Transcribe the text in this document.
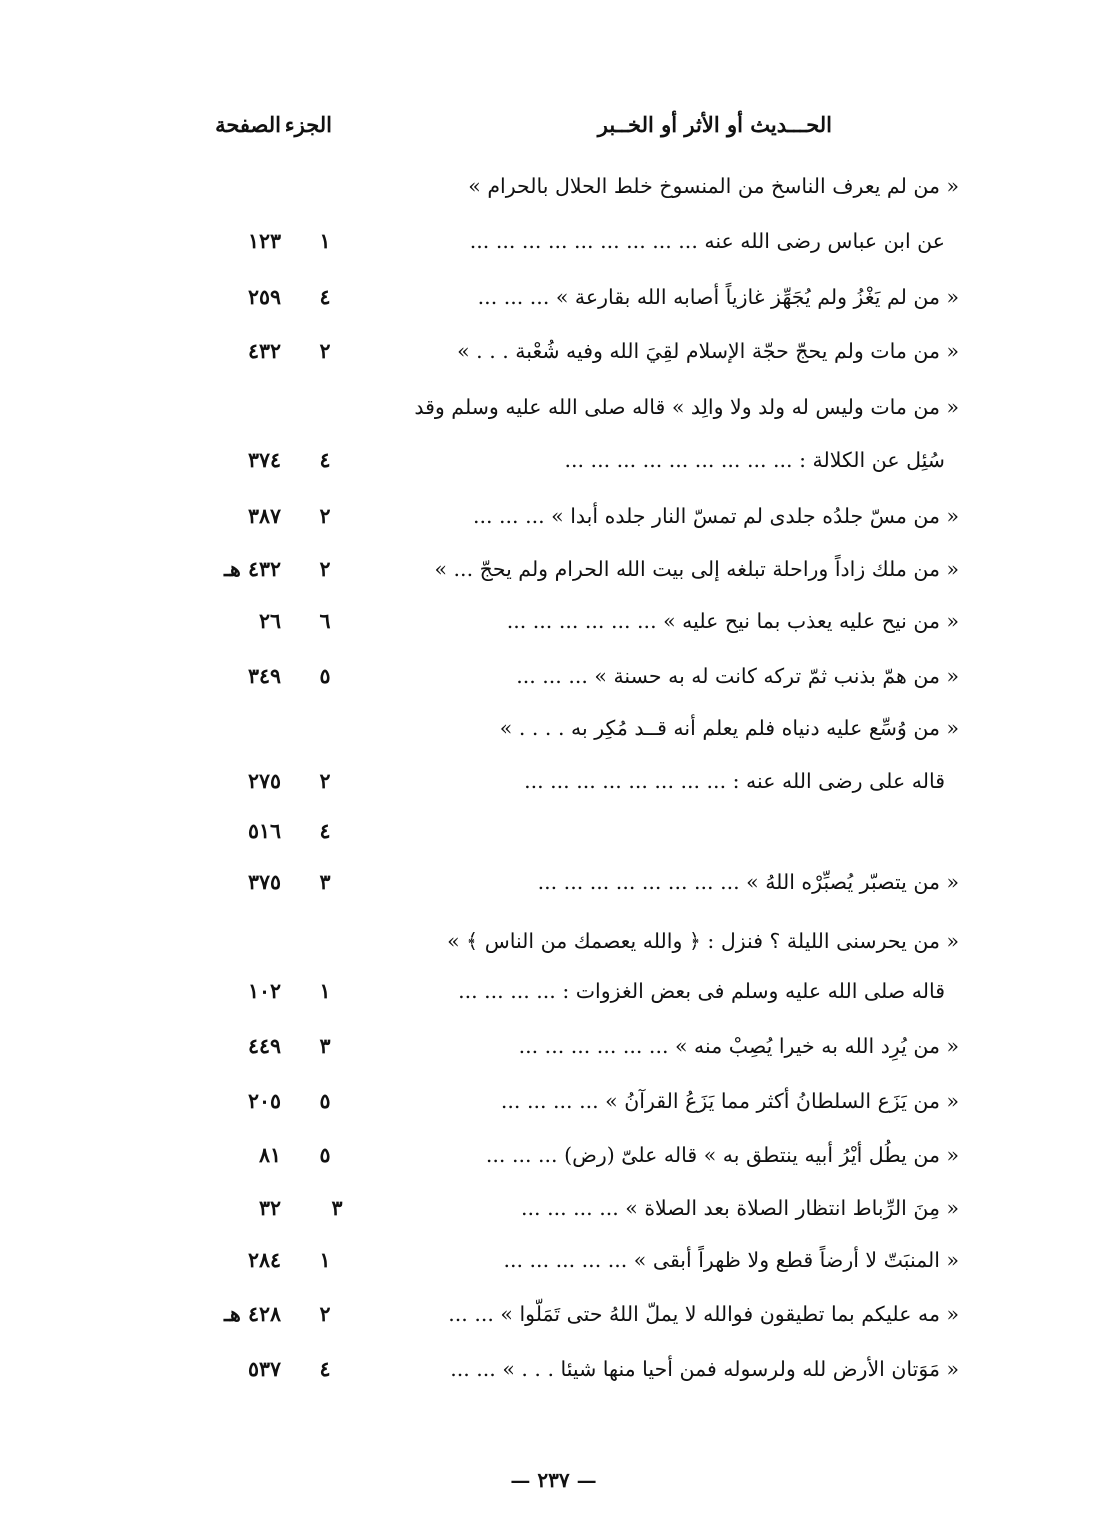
الحـــديث أو الأثر أو الخــبر
الجزء
الصفحة
« من لم يعرف الناسخ من المنسوخ خلط الحلال بالحرام »
عن ابن عباس رضى الله عنه ... ... ... ... ... ... ... ... ...
١
١٢٣
« من لم يَغْزُ ولم يُجَهِّز غازياً أصابه الله بقارعة » ... ... ...
٤
٢٥٩
« من مات ولم يحجّ حجّة الإسلام لقِيَ الله وفيه شُعْبة . . . »
٢
٤٣٢
« من مات وليس له ولد ولا والِد » قاله صلى الله عليه وسلم وقد
سُئِل عن الكلالة : ... ... ... ... ... ... ... ... ...
٤
٣٧٤
« من مسّ جلدُه جلدى لم تمسّ النار جلده أبدا » ... ... ...
٢
٣٨٧
« من ملك زاداً وراحلة تبلغه إلى بيت الله الحرام ولم يحجّ ... »
٢
٤٣٢ هـ
« من نيح عليه يعذب بما نيح عليه » ... ... ... ... ... ...
٦
٢٦
« من همّ بذنب ثمّ تركه كانت له به حسنة » ... ... ...
٥
٣٤٩
« من وُسِّع عليه دنياه فلم يعلم أنه قــد مُكِر به . . . . »
قاله على رضى الله عنه : ... ... ... ... ... ... ... ...
٢
٢٧٥
٤
٥١٦
« من يتصبّر يُصبِّرْه اللهُ » ... ... ... ... ... ... ... ...
٣
٣٧٥
« من يحرسنى الليلة ؟ فنزل : ﴿ والله يعصمك من الناس ﴾ »
قاله صلى الله عليه وسلم فى بعض الغزوات : ... ... ... ...
١
١٠٢
« من يُرِد الله به خيرا يُصِبْ منه » ... ... ... ... ... ...
٣
٤٤٩
« من يَزَع السلطانُ أكثر مما يَزَعُ القرآنُ » ... ... ... ...
٥
٢٠٥
« من يطُل أيْرُ أبيه ينتطق به » قاله علىّ (رض) ... ... ...
٥
٨١
« مِنَ الرِّباط انتظار الصلاة بعد الصلاة » ... ... ... ...
٣
٣٢
« المنبَتّ لا أرضاً قطع ولا ظهراً أبقى » ... ... ... ... ...
١
٢٨٤
« مه عليكم بما تطيقون فوالله لا يملّ اللهُ حتى تَمَلّوا » ... ...
٢
٤٢٨ هـ
« مَوَتان الأرض لله ولرسوله فمن أحيا منها شيئا . . . » ... ...
٤
٥٣٧
— ٢٣٧ —
